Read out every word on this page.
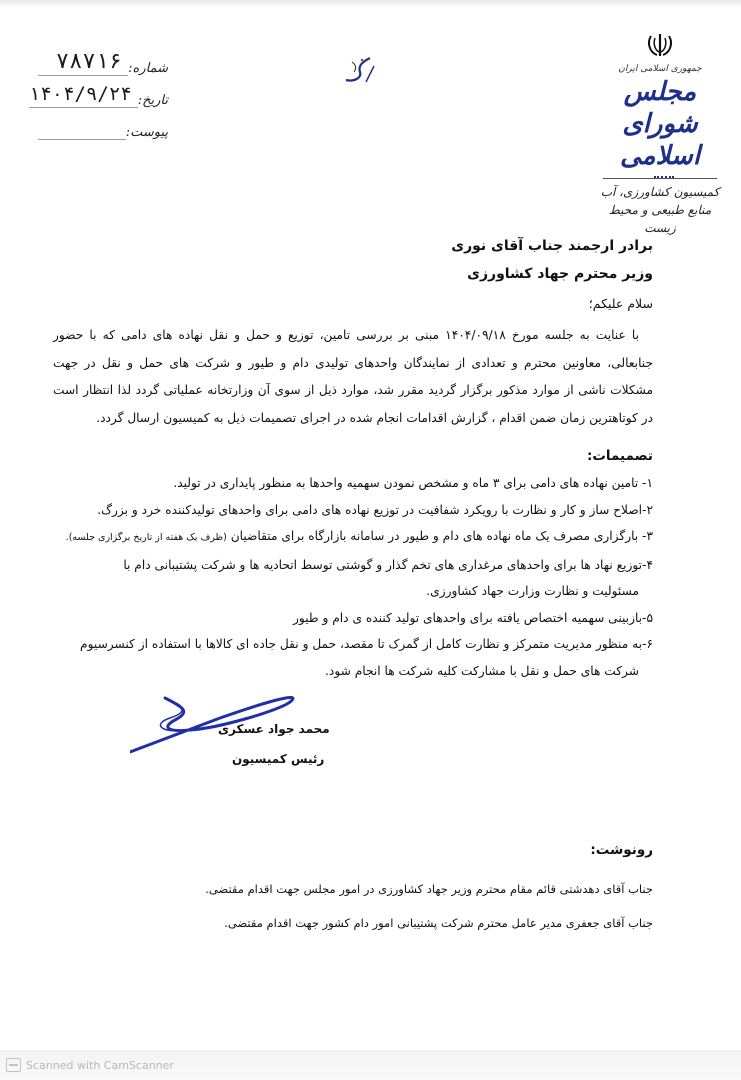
شماره:
۷۸۷۱۶
تاریخ:
۱۴۰۴/۹/۲۴
پیوست:
جمهوری اسلامی ایران
مجلس شورای اسلامی
کمیسیون کشاورزی، آب
منابع طبیعی و محیط زیست
برادر ارجمند جناب آقای نوری
وزیر محترم جهاد کشاورزی
سلام علیکم؛
با عنایت به جلسه مورخ ۱۴۰۴/۰۹/۱۸ مبنی بر بررسی تامین، توزیع و حمل و نقل نهاده های دامی که با حضور جنابعالی، معاونین محترم و تعدادی از نمایندگان واحدهای تولیدی دام و طیور و شرکت های حمل و نقل در جهت مشکلات ناشی از موارد مذکور برگزار گردید مقرر شد، موارد ذیل از سوی آن وزارتخانه عملیاتی گردد لذا انتظار است در کوتاهترین زمان ضمن اقدام ، گزارش اقدامات انجام شده در اجرای تصمیمات ذیل به کمیسیون ارسال گردد.
تصمیمات:
۱- تامین نهاده های دامی برای ۳ ماه و مشخص نمودن سهمیه واحدها به منظور پایداری در تولید.
۲-اصلاح ساز و کار و نظارت با رویکرد شفافیت در توزیع نهاده های دامی برای واحدهای تولیدکننده خرد و بزرگ.
۳- بارگزاری مصرف یک ماه نهاده های دام و طیور در سامانه بازارگاه برای متقاضیان (ظرف یک هفته از تاریخ برگزاری جلسه).
۴-توزیع نهاد ها برای واحدهای مرغداری های تخم گذار و گوشتی توسط اتحادیه ها و شرکت پشتیبانی دام با
مسئولیت و نظارت وزارت جهاد کشاورزی.
۵-بازبینی سهمیه اختصاص یافته برای واحدهای تولید کننده ی دام و طیور
۶-به منظور مدیریت متمرکز و نظارت کامل از گمرک تا مقصد، حمل و نقل جاده ای کالاها با استفاده از کنسرسیوم
شرکت های حمل و نقل با مشارکت کلیه شرکت ها انجام شود.
محمد جواد عسکری
رئیس کمیسیون
رونوشت:
جناب آقای دهدشتی قائم مقام محترم وزیر جهاد کشاورزی در امور مجلس جهت اقدام مقتضی.
جناب آقای جعفری مدیر عامل محترم شرکت پشتیبانی امور دام کشور جهت اقدام مقتضی.
Scanned with CamScanner
